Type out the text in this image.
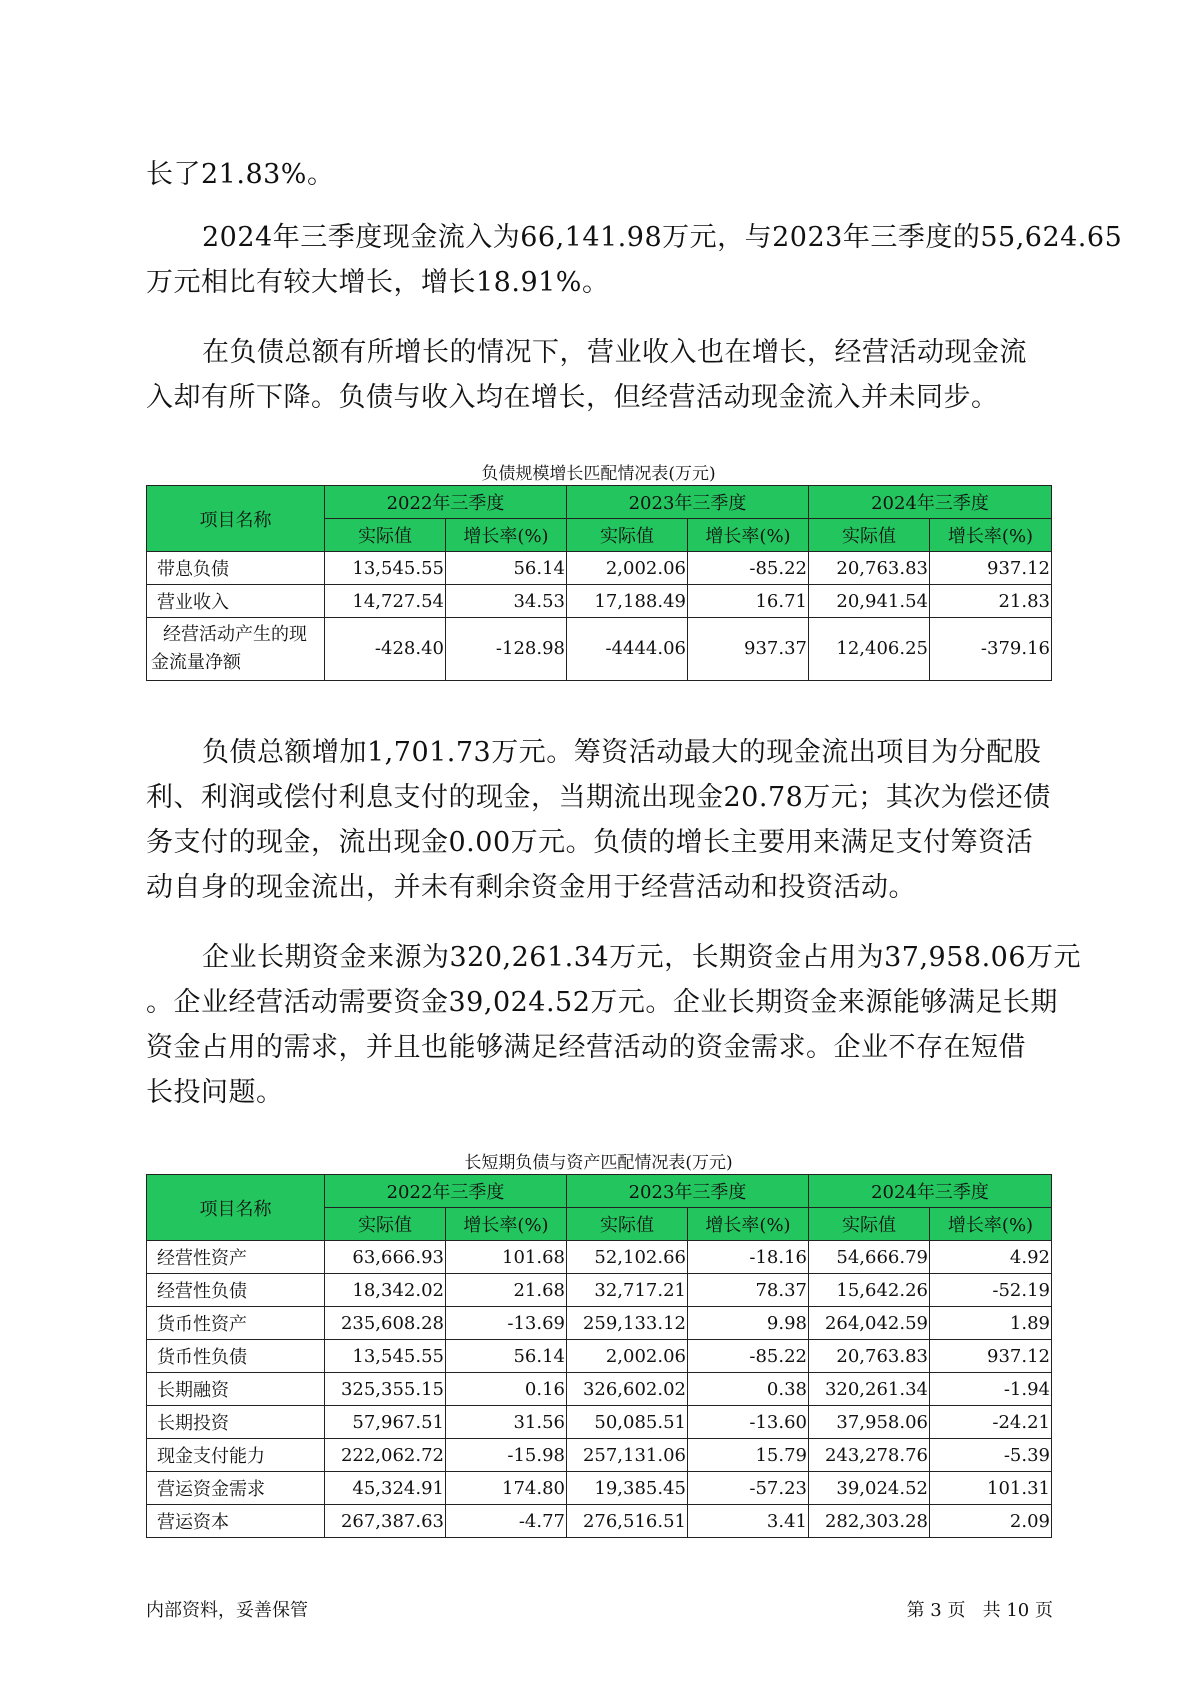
长了21.83%。

2024年三季度现金流入为66,141.98万元，与2023年三季度的55,624.65
万元相比有较大增长，增长18.91%。

在负债总额有所增长的情况下，营业收入也在增长，经营活动现金流
入却有所下降。负债与收入均在增长，但经营活动现金流入并未同步。

负债规模增长匹配情况表(万元)

项目名称	2022年三季度		2023年三季度		2024年三季度	
	实际值	增长率(%)	实际值	增长率(%)	实际值	增长率(%)
带息负债	13,545.55	56.14	2,002.06	-85.22	20,763.83	937.12
营业收入	14,727.54	34.53	17,188.49	16.71	20,941.54	21.83

经营活动产生的现
金流量净额	-428.40	-128.98	-4444.06	937.37	12,406.25	-379.16

负债总额增加1,701.73万元。筹资活动最大的现金流出项目为分配股
利、利润或偿付利息支付的现金，当期流出现金20.78万元；其次为偿还债
务支付的现金，流出现金0.00万元。负债的增长主要用来满足支付筹资活
动自身的现金流出，并未有剩余资金用于经营活动和投资活动。

企业长期资金来源为320,261.34万元，长期资金占用为37,958.06万元
。企业经营活动需要资金39,024.52万元。企业长期资金来源能够满足长期
资金占用的需求，并且也能够满足经营活动的资金需求。企业不存在短借
长投问题。

长短期负债与资产匹配情况表(万元)

项目名称	2022年三季度		2023年三季度		2024年三季度	
	实际值	增长率(%)	实际值	增长率(%)	实际值	增长率(%)
经营性资产	63,666.93	101.68	52,102.66	-18.16	54,666.79	4.92
经营性负债	18,342.02	21.68	32,717.21	78.37	15,642.26	-52.19
货币性资产	235,608.28	-13.69	259,133.12	9.98	264,042.59	1.89
货币性负债	13,545.55	56.14	2,002.06	-85.22	20,763.83	937.12
长期融资	325,355.15	0.16	326,602.02	0.38	320,261.34	-1.94
长期投资	57,967.51	31.56	50,085.51	-13.60	37,958.06	-24.21
现金支付能力	222,062.72	-15.98	257,131.06	15.79	243,278.76	-5.39
营运资金需求	45,324.91	174.80	19,385.45	-57.23	39,024.52	101.31
营运资本	267,387.63	-4.77	276,516.51	3.41	282,303.28	2.09

内部资料，妥善保管	第 3 页   共 10 页
